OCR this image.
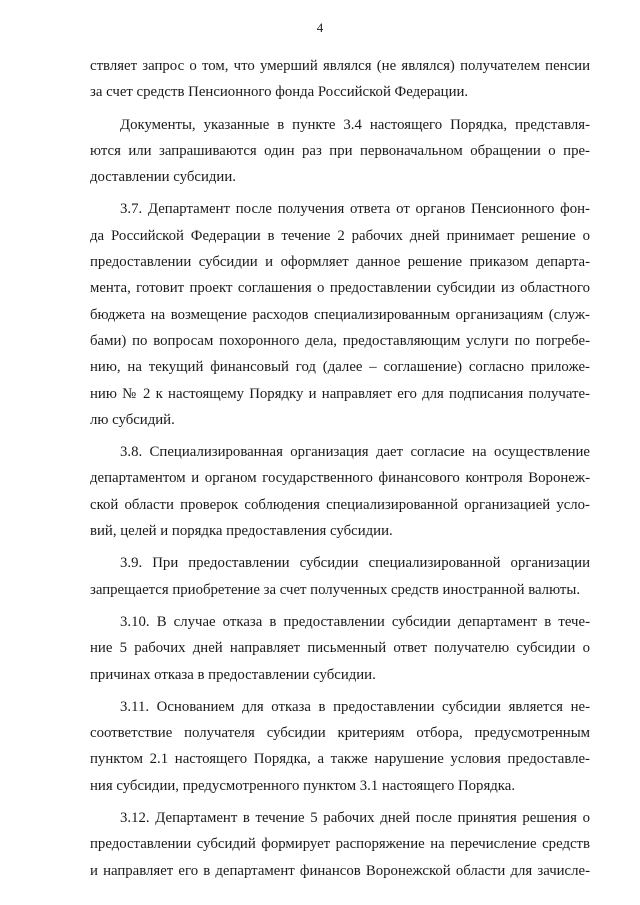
4
ствляет запрос о том, что умерший являлся (не являлся) получателем пенсии
за счет средств Пенсионного фонда Российской Федерации.
Документы, указанные в пункте 3.4 настоящего Порядка, представля-
ются или запрашиваются один раз при первоначальном обращении о пре-
доставлении субсидии.
3.7. Департамент после получения ответа от органов Пенсионного фон-
да Российской Федерации в течение 2 рабочих дней принимает решение о
предоставлении субсидии и оформляет данное решение приказом департа-
мента, готовит проект соглашения о предоставлении субсидии из областного
бюджета на возмещение расходов специализированным организациям (служ-
бами) по вопросам похоронного дела, предоставляющим услуги по погребе-
нию, на текущий финансовый год (далее – соглашение) согласно приложе-
нию № 2 к настоящему Порядку и направляет его для подписания получате-
лю субсидий.
3.8. Специализированная организация дает согласие на осуществление
департаментом и органом государственного финансового контроля Воронеж-
ской области проверок соблюдения специализированной организацией усло-
вий, целей и порядка предоставления субсидии.
3.9. При предоставлении субсидии специализированной организации
запрещается приобретение за счет полученных средств иностранной валюты.
3.10. В случае отказа в предоставлении субсидии департамент в тече-
ние 5 рабочих дней направляет письменный ответ получателю субсидии о
причинах отказа в предоставлении субсидии.
3.11. Основанием для отказа в предоставлении субсидии является не-
соответствие получателя субсидии критериям отбора, предусмотренным
пунктом 2.1 настоящего Порядка, а также нарушение условия предоставле-
ния субсидии, предусмотренного пунктом 3.1 настоящего Порядка.
3.12. Департамент в течение 5 рабочих дней после принятия решения о
предоставлении субсидий формирует распоряжение на перечисление средств
и направляет его в департамент финансов Воронежской области для зачисле-
